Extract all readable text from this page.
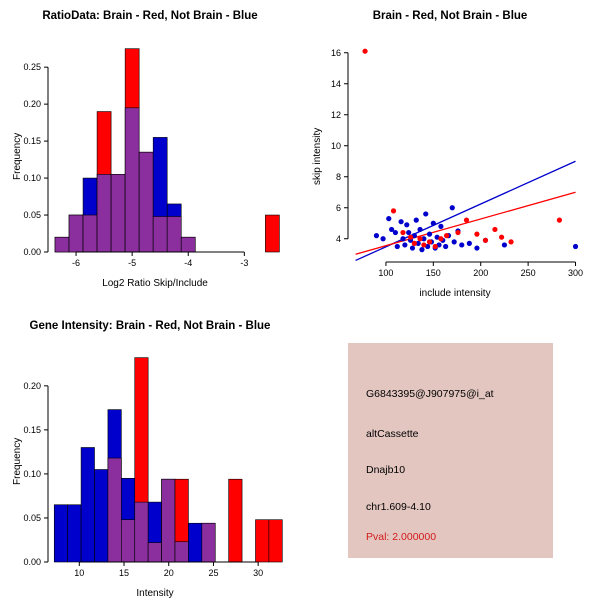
RatioData: Brain - Red, Not Brain - Blue
Frequency
Log2 Ratio Skip/Include
0.00
0.05
0.10
0.15
0.20
0.25
-6	-5	-4	-3
Brain - Red, Not Brain - Blue
skip intensity
include intensity
4
6
8
10
12
14
16
100	150	200	250	300
Gene Intensity: Brain - Red, Not Brain - Blue
Frequency
Intensity
0.00
0.05
0.10
0.15
0.20
10	15	20	25	30
G6843395@J907975@i_at
altCassette
Dnajb10
chr1.609-4.10
Pval: 2.000000
